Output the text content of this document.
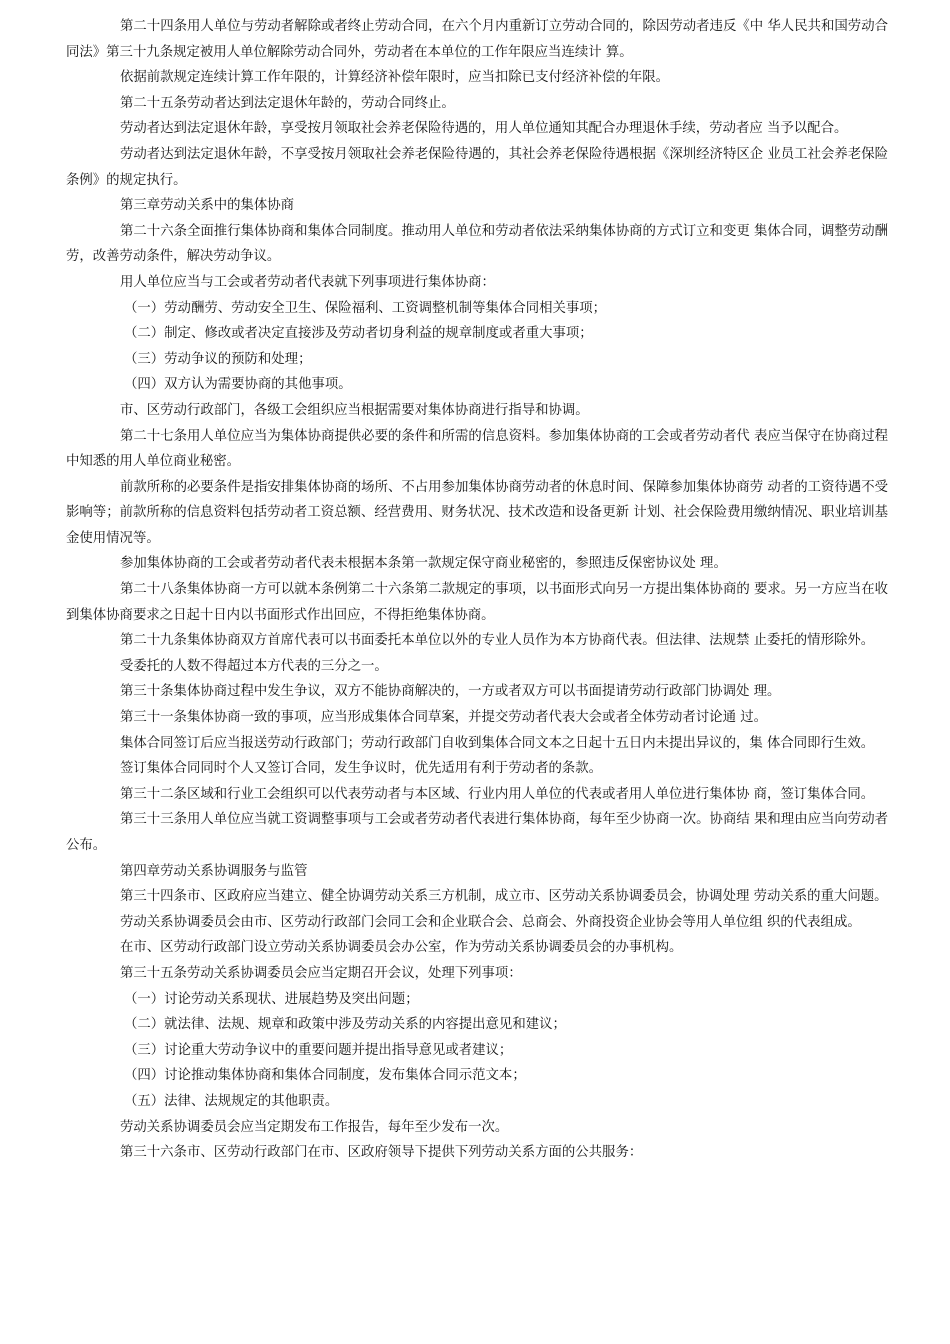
第二十四条用人单位与劳动者解除或者终止劳动合同，在六个月内重新订立劳动合同的，除因劳动者违反《中 华人民共和国劳动合同法》第三十九条规定被用人单位解除劳动合同外，劳动者在本单位的工作年限应当连续计 算。

依据前款规定连续计算工作年限的，计算经济补偿年限时，应当扣除已支付经济补偿的年限。

第二十五条劳动者达到法定退休年龄的，劳动合同终止。

劳动者达到法定退休年龄，享受按月领取社会养老保险待遇的，用人单位通知其配合办理退休手续，劳动者应 当予以配合。

劳动者达到法定退休年龄，不享受按月领取社会养老保险待遇的，其社会养老保险待遇根据《深圳经济特区企 业员工社会养老保险条例》的规定执行。

第三章劳动关系中的集体协商

第二十六条全面推行集体协商和集体合同制度。推动用人单位和劳动者依法采纳集体协商的方式订立和变更 集体合同，调整劳动酬劳，改善劳动条件，解决劳动争议。

用人单位应当与工会或者劳动者代表就下列事项进行集体协商：

（一）劳动酬劳、劳动安全卫生、保险福利、工资调整机制等集体合同相关事项；

（二）制定、修改或者决定直接涉及劳动者切身利益的规章制度或者重大事项；

（三）劳动争议的预防和处理；

（四）双方认为需要协商的其他事项。

市、区劳动行政部门，各级工会组织应当根据需要对集体协商进行指导和协调。

第二十七条用人单位应当为集体协商提供必要的条件和所需的信息资料。参加集体协商的工会或者劳动者代 表应当保守在协商过程中知悉的用人单位商业秘密。

前款所称的必要条件是指安排集体协商的场所、不占用参加集体协商劳动者的休息时间、保障参加集体协商劳 动者的工资待遇不受影响等；前款所称的信息资料包括劳动者工资总额、经营费用、财务状况、技术改造和设备更新 计划、社会保险费用缴纳情况、职业培训基金使用情况等。

参加集体协商的工会或者劳动者代表未根据本条第一款规定保守商业秘密的，参照违反保密协议处 理。

第二十八条集体协商一方可以就本条例第二十六条第二款规定的事项，以书面形式向另一方提出集体协商的 要求。另一方应当在收到集体协商要求之日起十日内以书面形式作出回应，不得拒绝集体协商。

第二十九条集体协商双方首席代表可以书面委托本单位以外的专业人员作为本方协商代表。但法律、法规禁 止委托的情形除外。

受委托的人数不得超过本方代表的三分之一。

第三十条集体协商过程中发生争议，双方不能协商解决的，一方或者双方可以书面提请劳动行政部门协调处 理。

第三十一条集体协商一致的事项，应当形成集体合同草案，并提交劳动者代表大会或者全体劳动者讨论通 过。

集体合同签订后应当报送劳动行政部门；劳动行政部门自收到集体合同文本之日起十五日内未提出异议的，集 体合同即行生效。

签订集体合同同时个人又签订合同，发生争议时，优先适用有利于劳动者的条款。

第三十二条区域和行业工会组织可以代表劳动者与本区域、行业内用人单位的代表或者用人单位进行集体协 商，签订集体合同。

第三十三条用人单位应当就工资调整事项与工会或者劳动者代表进行集体协商，每年至少协商一次。协商结 果和理由应当向劳动者公布。

第四章劳动关系协调服务与监管

第三十四条市、区政府应当建立、健全协调劳动关系三方机制，成立市、区劳动关系协调委员会，协调处理 劳动关系的重大问题。

劳动关系协调委员会由市、区劳动行政部门会同工会和企业联合会、总商会、外商投资企业协会等用人单位组 织的代表组成。

在市、区劳动行政部门设立劳动关系协调委员会办公室，作为劳动关系协调委员会的办事机构。

第三十五条劳动关系协调委员会应当定期召开会议，处理下列事项：

（一）讨论劳动关系现状、进展趋势及突出问题；

（二）就法律、法规、规章和政策中涉及劳动关系的内容提出意见和建议；

（三）讨论重大劳动争议中的重要问题并提出指导意见或者建议；

（四）讨论推动集体协商和集体合同制度，发布集体合同示范文本；

（五）法律、法规规定的其他职责。

劳动关系协调委员会应当定期发布工作报告，每年至少发布一次。

第三十六条市、区劳动行政部门在市、区政府领导下提供下列劳动关系方面的公共服务：
